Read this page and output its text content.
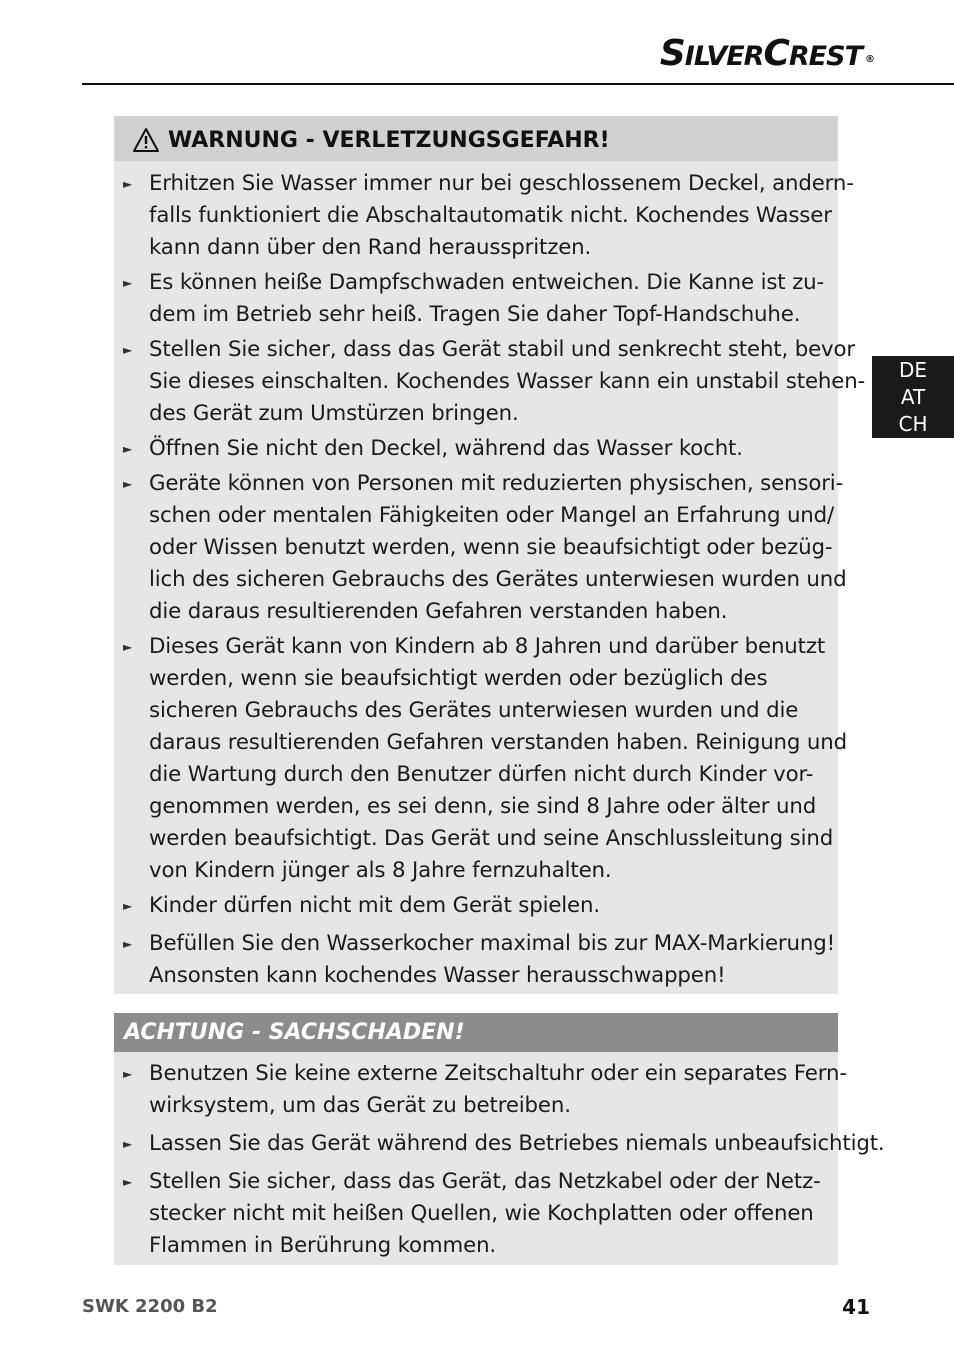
SILVERCREST ®
DE
AT
CH
WARNUNG - VERLETZUNGSGEFAHR!
► Erhitzen Sie Wasser immer nur bei geschlossenem Deckel, andern-
falls funktioniert die Abschaltautomatik nicht. Kochendes Wasser
kann dann über den Rand herausspritzen.
► Es können heiße Dampfschwaden entweichen. Die Kanne ist zu-
dem im Betrieb sehr heiß. Tragen Sie daher Topf-Handschuhe.
► Stellen Sie sicher, dass das Gerät stabil und senkrecht steht, bevor
Sie dieses einschalten. Kochendes Wasser kann ein unstabil stehen-
des Gerät zum Umstürzen bringen.
► Öffnen Sie nicht den Deckel, während das Wasser kocht.
► Geräte können von Personen mit reduzierten physischen, sensori-
schen oder mentalen Fähigkeiten oder Mangel an Erfahrung und/
oder Wissen benutzt werden, wenn sie beaufsichtigt oder bezüg-
lich des sicheren Gebrauchs des Gerätes unterwiesen wurden und
die daraus resultierenden Gefahren verstanden haben.
► Dieses Gerät kann von Kindern ab 8 Jahren und darüber benutzt
werden, wenn sie beaufsichtigt werden oder bezüglich des
sicheren Gebrauchs des Gerätes unterwiesen wurden und die
daraus resultierenden Gefahren verstanden haben. Reinigung und
die Wartung durch den Benutzer dürfen nicht durch Kinder vor-
genommen werden, es sei denn, sie sind 8 Jahre oder älter und
werden beaufsichtigt. Das Gerät und seine Anschlussleitung sind
von Kindern jünger als 8 Jahre fernzuhalten.
► Kinder dürfen nicht mit dem Gerät spielen.
► Befüllen Sie den Wasserkocher maximal bis zur MAX-Markierung!
Ansonsten kann kochendes Wasser herausschwappen!
ACHTUNG - SACHSCHADEN!
► Benutzen Sie keine externe Zeitschaltuhr oder ein separates Fern-
wirksystem, um das Gerät zu betreiben.
► Lassen Sie das Gerät während des Betriebes niemals unbeaufsichtigt.
► Stellen Sie sicher, dass das Gerät, das Netzkabel oder der Netz-
stecker nicht mit heißen Quellen, wie Kochplatten oder offenen
Flammen in Berührung kommen.
SWK 2200 B2	41
